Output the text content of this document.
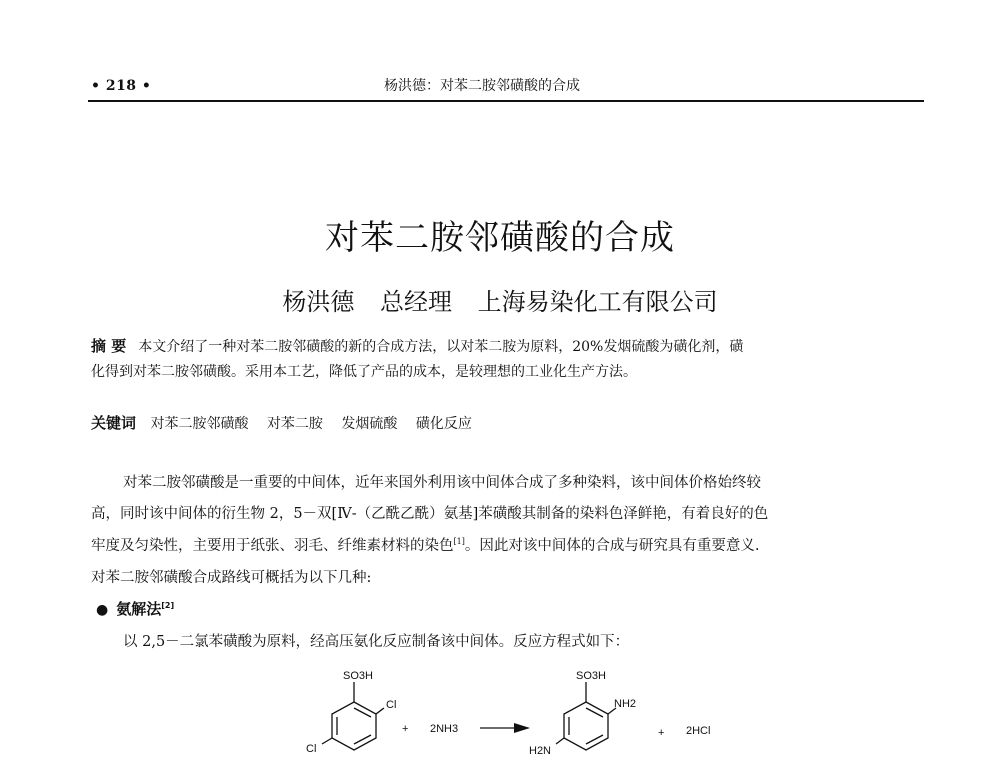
• 218 •	杨洪德：对苯二胺邻磺酸的合成
对苯二胺邻磺酸的合成
杨洪德 总经理 上海易染化工有限公司
摘 要 本文介绍了一种对苯二胺邻磺酸的新的合成方法，以对苯二胺为原料，20%发烟硫酸为磺化剂，磺
化得到对苯二胺邻磺酸。采用本工艺，降低了产品的成本，是较理想的工业化生产方法。
关键词 对苯二胺邻磺酸 对苯二胺 发烟硫酸 磺化反应
对苯二胺邻磺酸是一重要的中间体，近年来国外利用该中间体合成了多种染料，该中间体价格始终较
高，同时该中间体的衍生物 2，5－双[Ⅳ-（乙酰乙酰）氨基]苯磺酸其制备的染料色泽鲜艳，有着良好的色
牢度及匀染性，主要用于纸张、羽毛、纤维素材料的染色[1]。因此对该中间体的合成与研究具有重要意义.
对苯二胺邻磺酸合成路线可概括为以下几种:
● 氨解法[2]
以 2,5－二氯苯磺酸为原料，经高压氨化反应制备该中间体。反应方程式如下：
SO3H
Cl
Cl
+ 2NH3
SO3H
NH2
H2N
+ 2HCl
